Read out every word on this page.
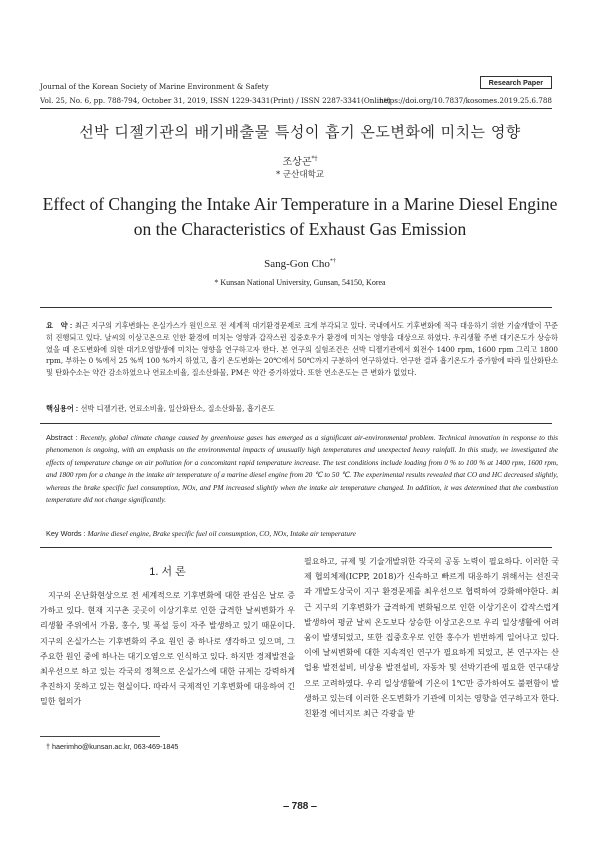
Journal of the Korean Society of Marine Environment & Safety	Research Paper
Vol. 25, No. 6, pp. 788-794, October 31, 2019, ISSN 1229-3431(Print) / ISSN 2287-3341(Online)
https://doi.org/10.7837/kosomes.2019.25.6.788
선박 디젤기관의 배기배출물 특성이 흡기 온도변화에 미치는 영향
조상곤*†
* 군산대학교
Effect of Changing the Intake Air Temperature in a Marine Diesel Engine
on the Characteristics of Exhaust Gas Emission
Sang-Gon Cho*†
* Kunsan National University, Gunsan, 54150, Korea
요　약 : 최근 지구의 기후변화는 온실가스가 원인으로 전 세계적 대기환경문제로 크게 부각되고 있다. 국내에서도 기후변화에 적극 대응하기 위한 기술개발이 꾸준히 진행되고 있다. 날씨의 이상고온으로 인한 환경에 미치는 영향과 갑작스런 집중호우가 환경에 미치는 영향을 대상으로 하였다. 우리생활 주변 대기온도가 상승하였을 때 온도변화에 의한 대기오염발생에 미치는 영향을 연구하고자 한다. 본 연구의 실험조건은 선박 디젤기관에서 회전수 1400 rpm, 1600 rpm 그리고 1800 rpm, 부하는 0 %에서 25 %씩 100 %까지 하였고, 흡기 온도변화는 20℃에서 50℃까지 구분하여 연구하였다. 연구한 결과 흡기온도가 증가함에 따라 일산화탄소 및 탄화수소는 약간 감소하였으나 연료소비율, 질소산화물, PM은 약간 증가하였다. 또한 연소온도는 큰 변화가 없었다.
핵심용어 : 선박 디젤기관, 연료소비율, 일산화탄소, 질소산화물, 흡기온도
Abstract : Recently, global climate change caused by greenhouse gases has emerged as a significant air-environmental problem. Technical innovation in response to this phenomenon is ongoing, with an emphasis on the environmental impacts of unusually high temperatures and unexpected heavy rainfall. In this study, we investigated the effects of temperature change on air pollution for a concomitant rapid temperature increase. The test conditions include loading from 0 % to 100 % at 1400 rpm, 1600 rpm, and 1800 rpm for a change in the intake air temperature of a marine diesel engine from 20 ℃ to 50 ℃. The experimental results revealed that CO and HC decreased slightly, whereas the brake specific fuel consumption, NOx, and PM increased slightly when the intake air temperature changed. In addition, it was determined that the combustion temperature did not change significantly.
Key Words : Marine diesel engine, Brake specific fuel oil consumption, CO, NOx, Intake air temperature
1. 서 론
지구의 온난화현상으로 전 세계적으로 기후변화에 대한 관심은 날로 증가하고 있다. 현재 지구촌 곳곳이 이상기후로 인한 급격한 날씨변화가 우리생활 주위에서 가뭄, 홍수, 및 폭설 등이 자주 발생하고 있기 때문이다. 지구의 온실가스는 기후변화의 주요 원인 중 하나로 생각하고 있으며, 그 주요한 원인 중에 하나는 대기오염으로 인식하고 있다. 하지만 경제발전을 최우선으로 하고 있는 각국의 정책으로 온실가스에 대한 규제는 강력하게 추진하지 못하고 있는 현실이다. 따라서 국제적인 기후변화에 대응하여 긴밀한 협의가
필요하고, 규제 및 기술개발위한 각국의 공동 노력이 필요하다. 이러한 국제 협의체제(ICPP, 2018)가 신속하고 빠르게 대응하기 위해서는 선진국과 개발도상국이 지구 환경문제를 최우선으로 협력하여 강화해야한다. 최근 지구의 기후변화가 급격하게 변화됨으로 인한 이상기온이 갑작스럽게 발생하여 평균 날씨 온도보다 상승한 이상고온으로 우리 일상생활에 어려움이 발생되었고, 또한 집중호우로 인한 홍수가 빈번하게 일어나고 있다. 이에 날씨변화에 대한 지속적인 연구가 필요하게 되었고, 본 연구자는 산업용 발전설비, 비상용 발전설비, 자동차 및 선박기관에 필요한 연구대상으로 고려하였다. 우리 일상생활에 기온이 1℃만 증가하여도 불편함이 발생하고 있는데 이러한 온도변화가 기관에 미치는 영향을 연구하고자 한다. 친환경 에너지로 최근 각광을 받
† haerimho@kunsan.ac.kr, 063-469-1845
‒ 788 ‒
